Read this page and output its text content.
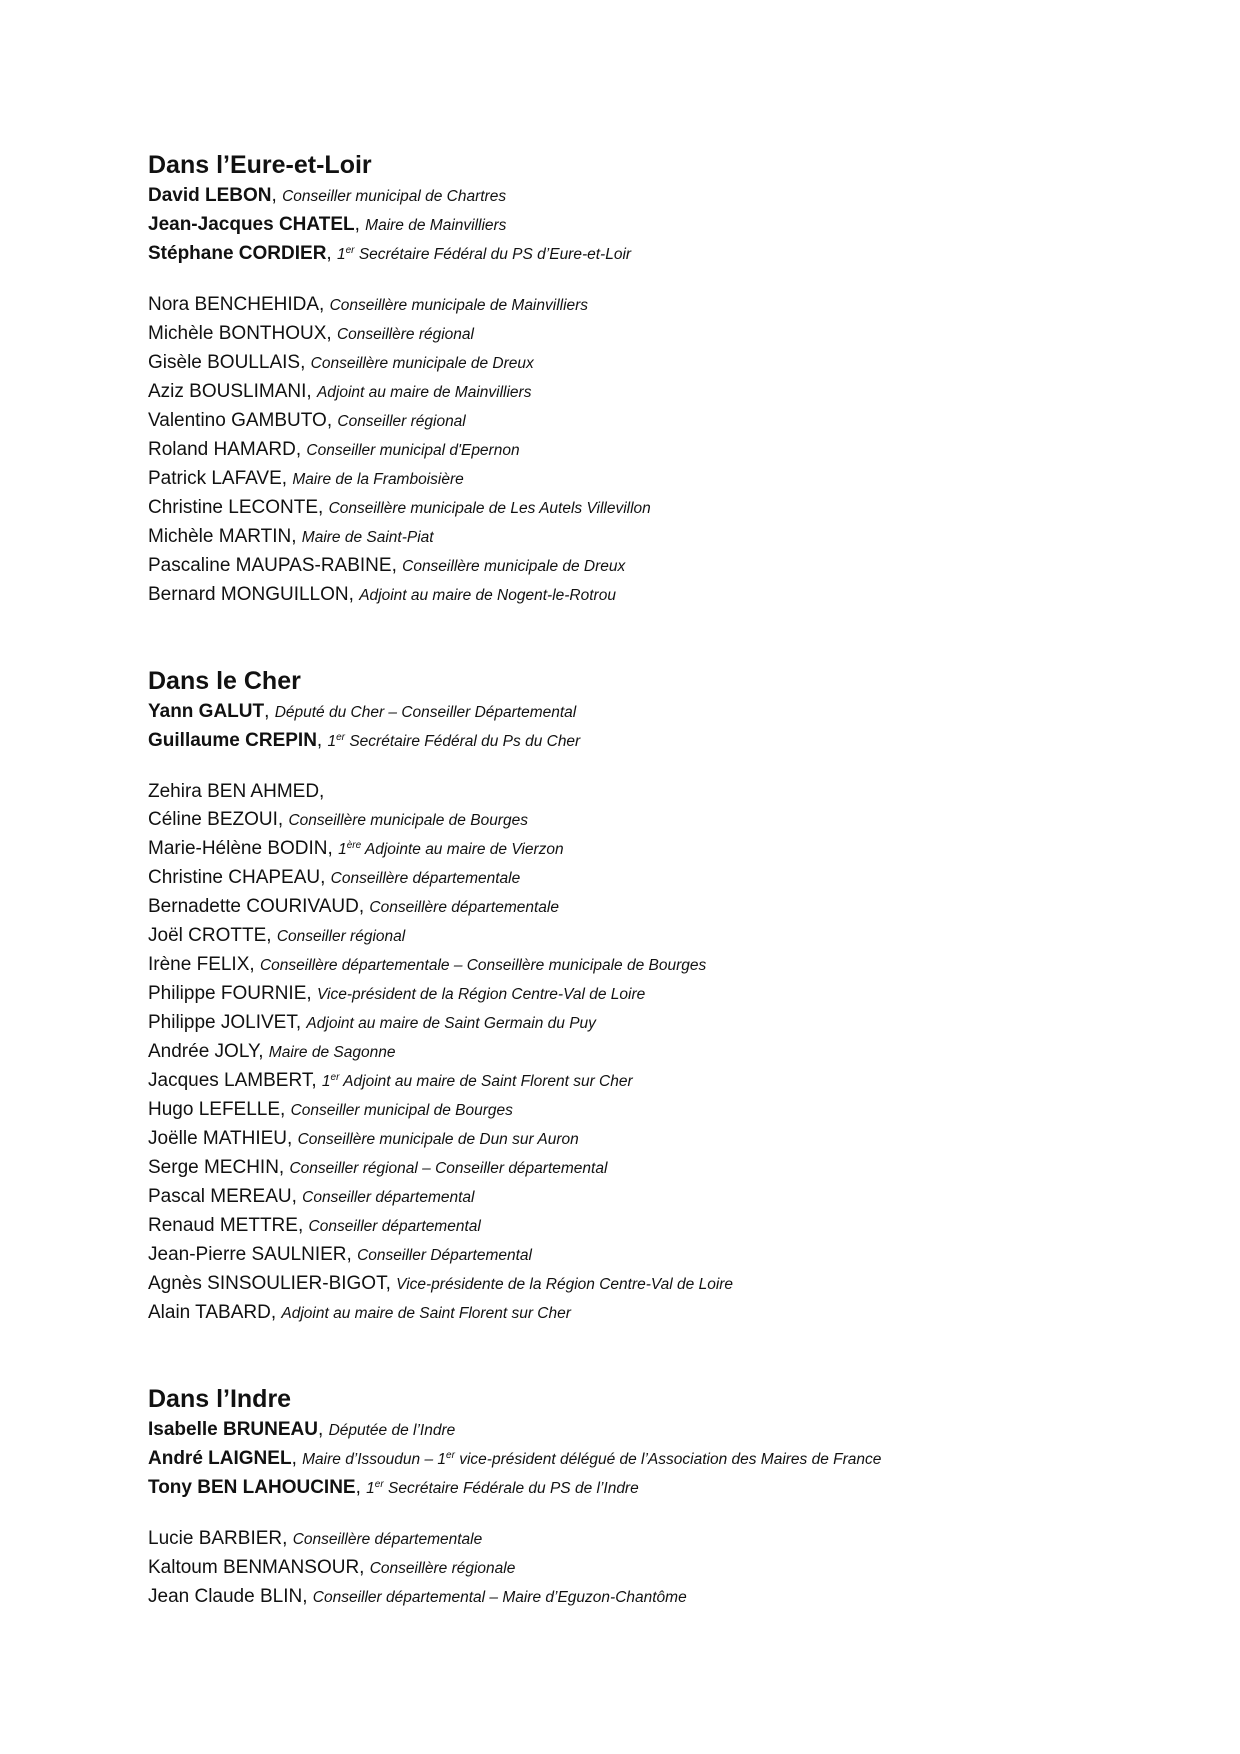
Dans l’Eure-et-Loir
David LEBON, Conseiller municipal de Chartres
Jean-Jacques CHATEL, Maire de Mainvilliers
Stéphane CORDIER, 1er Secrétaire Fédéral du PS d’Eure-et-Loir
Nora BENCHEHIDA, Conseillère municipale de Mainvilliers
Michèle BONTHOUX, Conseillère régional
Gisèle BOULLAIS, Conseillère municipale de Dreux
Aziz BOUSLIMANI, Adjoint au maire de Mainvilliers
Valentino GAMBUTO, Conseiller régional
Roland HAMARD, Conseiller municipal d'Epernon
Patrick LAFAVE, Maire de la Framboisière
Christine LECONTE, Conseillère municipale de Les Autels Villevillon
Michèle MARTIN, Maire de Saint-Piat
Pascaline MAUPAS-RABINE, Conseillère municipale de Dreux
Bernard MONGUILLON, Adjoint au maire de Nogent-le-Rotrou
Dans le Cher
Yann GALUT, Député du Cher – Conseiller Départemental
Guillaume CREPIN, 1er Secrétaire Fédéral du Ps du Cher
Zehira BEN AHMED,
Céline BEZOUI, Conseillère municipale de Bourges
Marie-Hélène BODIN, 1ère Adjointe au maire de Vierzon
Christine CHAPEAU, Conseillère départementale
Bernadette COURIVAUD, Conseillère départementale
Joël CROTTE, Conseiller régional
Irène FELIX, Conseillère départementale – Conseillère municipale de Bourges
Philippe FOURNIE, Vice-président de la Région Centre-Val de Loire
Philippe JOLIVET, Adjoint au maire de Saint Germain du Puy
Andrée JOLY, Maire de Sagonne
Jacques LAMBERT, 1er Adjoint au maire de Saint Florent sur Cher
Hugo LEFELLE, Conseiller municipal de Bourges
Joëlle MATHIEU, Conseillère municipale de Dun sur Auron
Serge MECHIN, Conseiller régional – Conseiller départemental
Pascal MEREAU, Conseiller départemental
Renaud METTRE, Conseiller départemental
Jean-Pierre SAULNIER, Conseiller Départemental
Agnès SINSOULIER-BIGOT, Vice-présidente de la Région Centre-Val de Loire
Alain TABARD, Adjoint au maire de Saint Florent sur Cher
Dans l’Indre
Isabelle BRUNEAU, Députée de l’Indre
André LAIGNEL, Maire d’Issoudun – 1er vice-président délégué de l’Association des Maires de France
Tony BEN LAHOUCINE, 1er Secrétaire Fédérale du PS de l’Indre
Lucie BARBIER, Conseillère départementale
Kaltoum BENMANSOUR, Conseillère régionale
Jean Claude BLIN, Conseiller départemental – Maire d’Eguzon-Chantôme
